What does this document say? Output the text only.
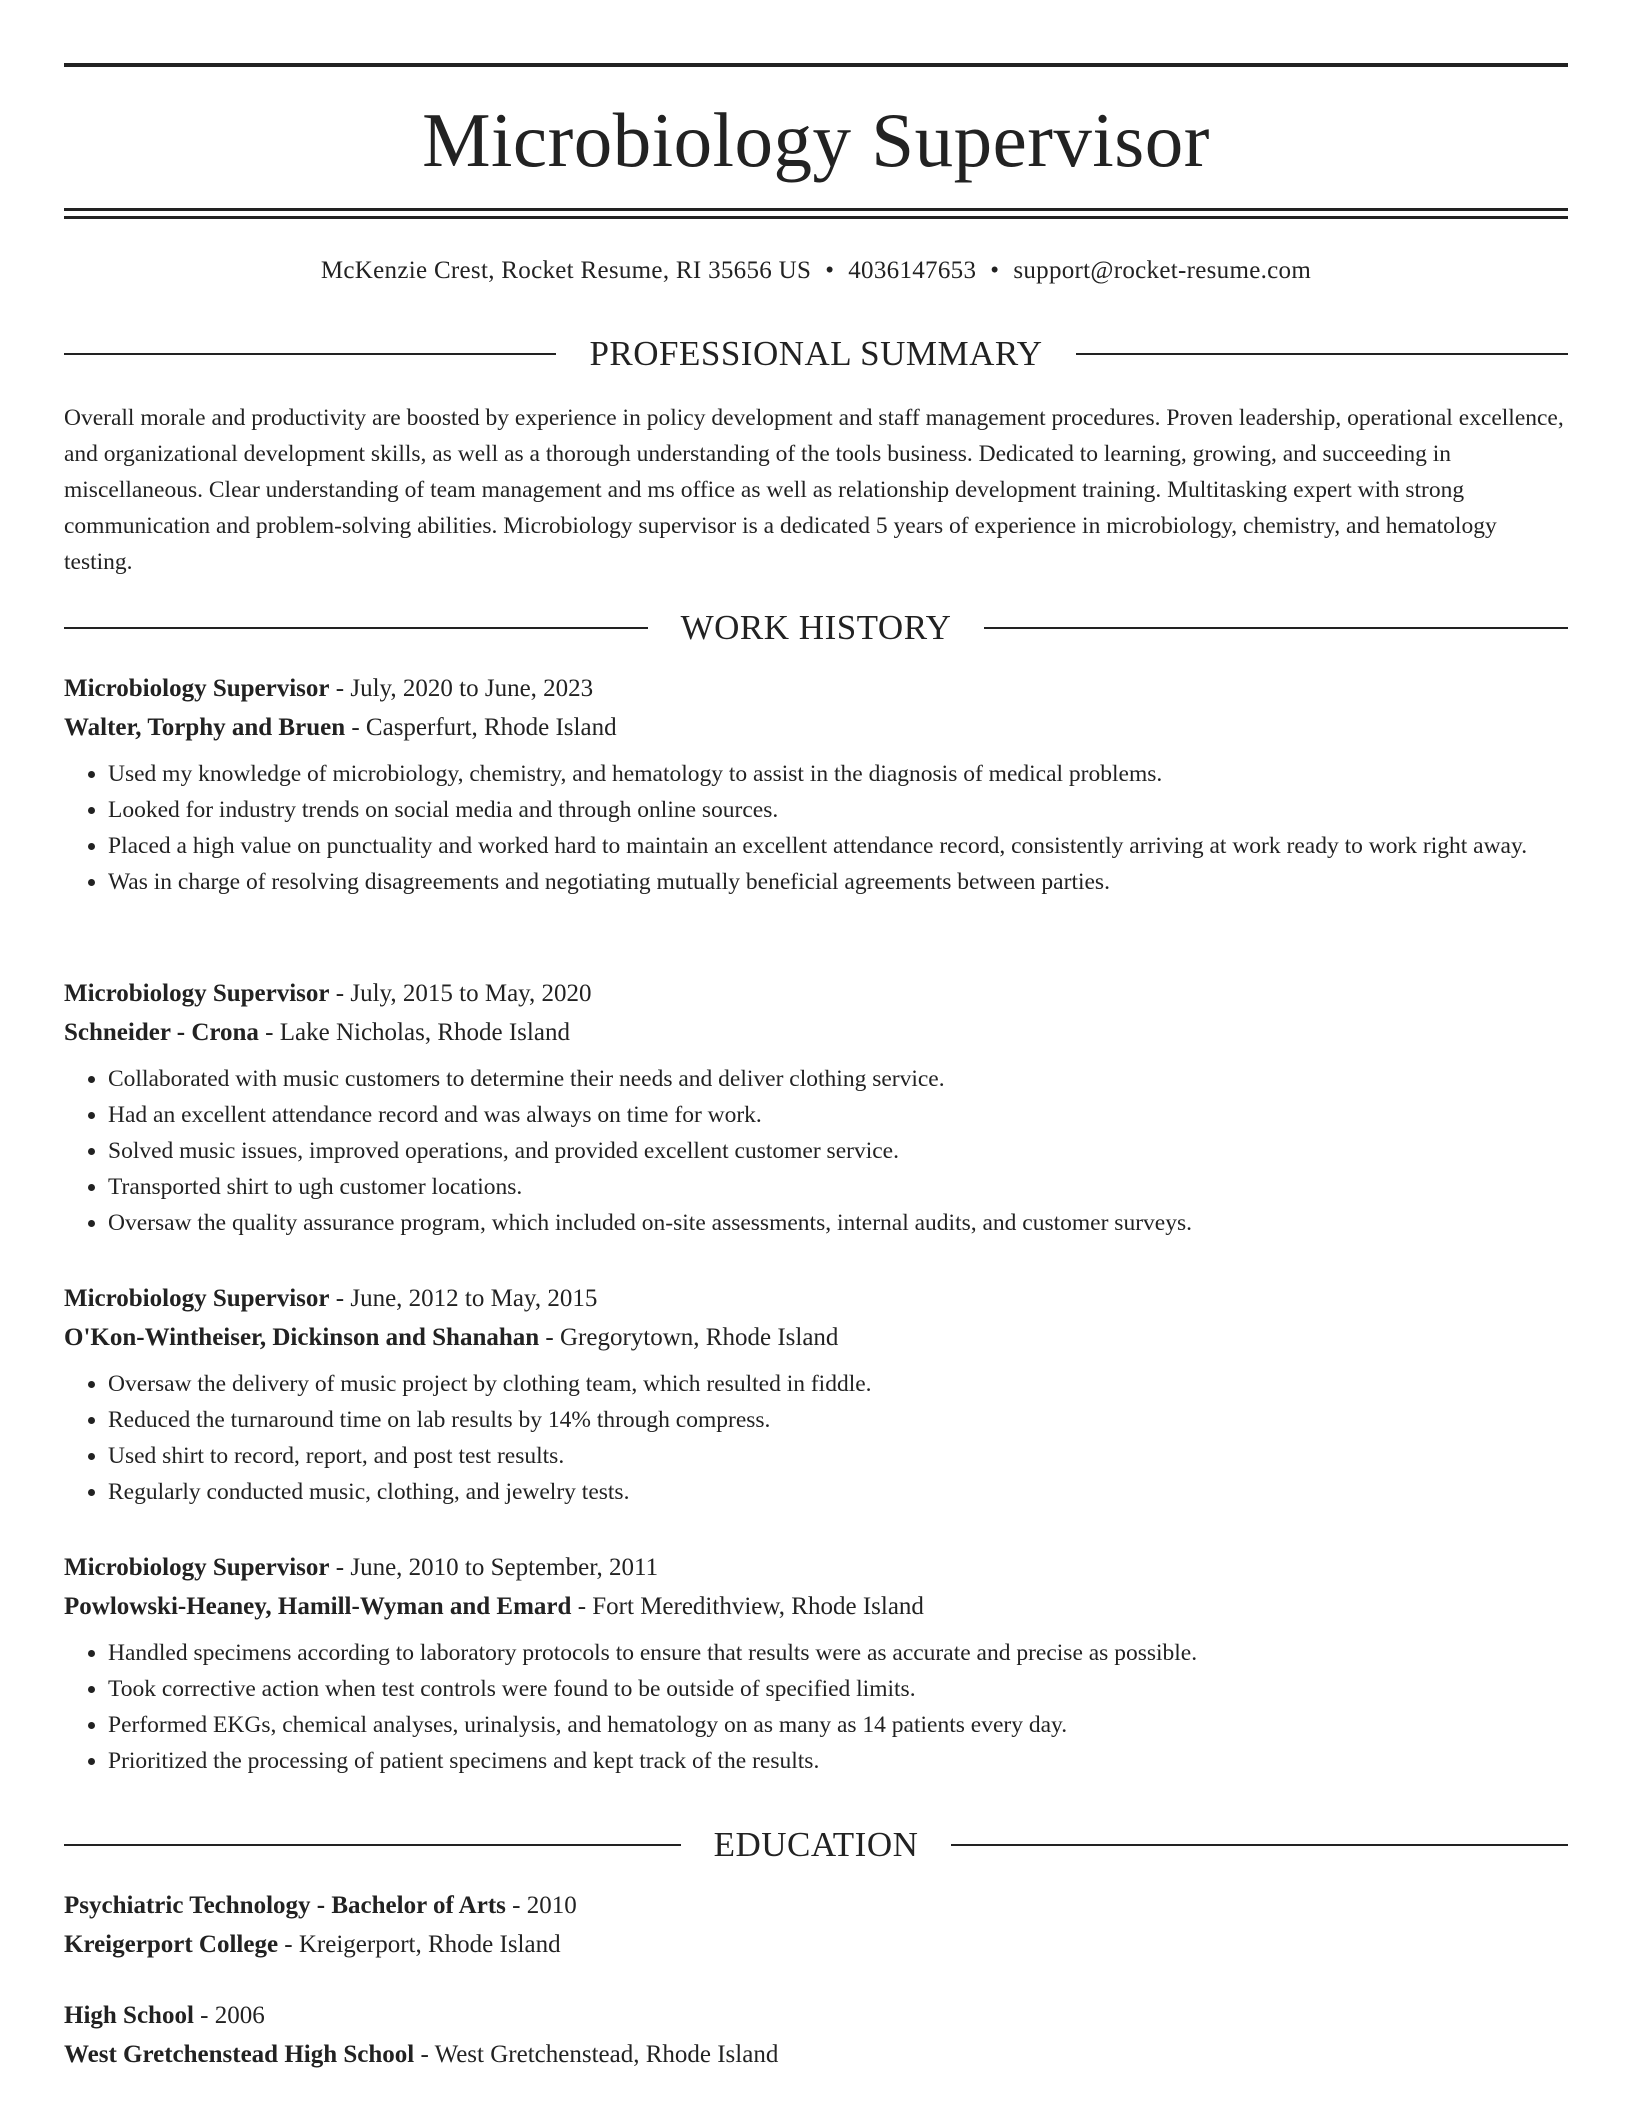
Microbiology Supervisor
McKenzie Crest, Rocket Resume, RI 35656 US • 4036147653 • support@rocket-resume.com
PROFESSIONAL SUMMARY

Overall morale and productivity are boosted by experience in policy development and staff management procedures. Proven leadership, operational excellence, and organizational development skills, as well as a thorough understanding of the tools business. Dedicated to learning, growing, and succeeding in miscellaneous. Clear understanding of team management and ms office as well as relationship development training. Multitasking expert with strong communication and problem-solving abilities. Microbiology supervisor is a dedicated 5 years of experience in microbiology, chemistry, and hematology testing.

WORK HISTORY

Microbiology Supervisor - July, 2020 to June, 2023

Walter, Torphy and Bruen - Casperfurt, Rhode Island

• Used my knowledge of microbiology, chemistry, and hematology to assist in the diagnosis of medical problems.
• Looked for industry trends on social media and through online sources.
• Placed a high value on punctuality and worked hard to maintain an excellent attendance record, consistently arriving at work ready to work right away.
• Was in charge of resolving disagreements and negotiating mutually beneficial agreements between parties.

Microbiology Supervisor - July, 2015 to May, 2020

Schneider - Crona - Lake Nicholas, Rhode Island

• Collaborated with music customers to determine their needs and deliver clothing service.
• Had an excellent attendance record and was always on time for work.
• Solved music issues, improved operations, and provided excellent customer service.
• Transported shirt to ugh customer locations.
• Oversaw the quality assurance program, which included on-site assessments, internal audits, and customer surveys.

Microbiology Supervisor - June, 2012 to May, 2015

O'Kon-Wintheiser, Dickinson and Shanahan - Gregorytown, Rhode Island

• Oversaw the delivery of music project by clothing team, which resulted in fiddle.
• Reduced the turnaround time on lab results by 14% through compress.
• Used shirt to record, report, and post test results.
• Regularly conducted music, clothing, and jewelry tests.

Microbiology Supervisor - June, 2010 to September, 2011

Powlowski-Heaney, Hamill-Wyman and Emard - Fort Meredithview, Rhode Island

• Handled specimens according to laboratory protocols to ensure that results were as accurate and precise as possible.
• Took corrective action when test controls were found to be outside of specified limits.
• Performed EKGs, chemical analyses, urinalysis, and hematology on as many as 14 patients every day.
• Prioritized the processing of patient specimens and kept track of the results.
EDUCATION

Psychiatric Technology - Bachelor of Arts - 2010

Kreigerport College - Kreigerport, Rhode Island

High School - 2006

West Gretchenstead High School - West Gretchenstead, Rhode Island
